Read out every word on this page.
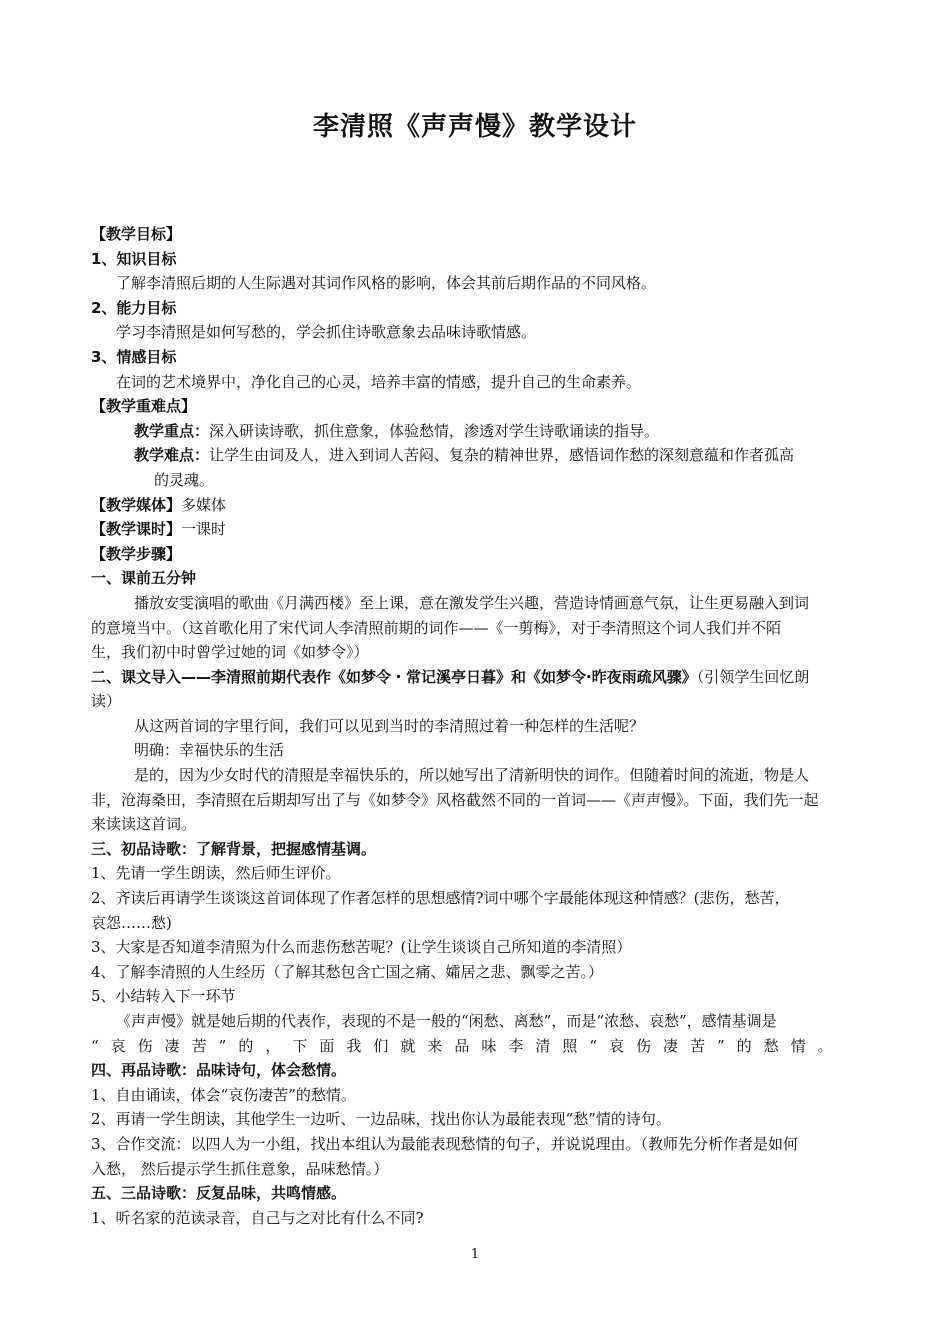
李清照《声声慢》教学设计
【教学目标】
1、知识目标
了解李清照后期的人生际遇对其词作风格的影响，体会其前后期作品的不同风格。
2、能力目标
学习李清照是如何写愁的，学会抓住诗歌意象去品味诗歌情感。
3、情感目标
在词的艺术境界中，净化自己的心灵，培养丰富的情感，提升自己的生命素养。
【教学重难点】
教学重点：深入研读诗歌，抓住意象，体验愁情，渗透对学生诗歌诵读的指导。
教学难点：让学生由词及人，进入到词人苦闷、复杂的精神世界，感悟词作愁的深刻意蕴和作者孤高
的灵魂。
【教学媒体】多媒体
【教学课时】一课时
【教学步骤】
一、课前五分钟
播放安雯演唱的歌曲《月满西楼》至上课，意在激发学生兴趣，营造诗情画意气氛，让生更易融入到词
的意境当中。（这首歌化用了宋代词人李清照前期的词作——《一剪梅》，对于李清照这个词人我们并不陌
生，我们初中时曾学过她的词《如梦令》）
二、课文导入——李清照前期代表作《如梦令・常记溪亭日暮》和《如梦令·昨夜雨疏风骤》（引领学生回忆朗
读）
从这两首词的字里行间，我们可以见到当时的李清照过着一种怎样的生活呢？
明确：幸福快乐的生活
是的，因为少女时代的清照是幸福快乐的，所以她写出了清新明快的词作。但随着时间的流逝，物是人
非，沧海桑田，李清照在后期却写出了与《如梦令》风格截然不同的一首词——《声声慢》。下面，我们先一起
来读读这首词。
三、初品诗歌：了解背景，把握感情基调。
1、先请一学生朗读，然后师生评价。
2、齐读后再请学生谈谈这首词体现了作者怎样的思想感情?词中哪个字最能体现这种情感？(悲伤，愁苦，
哀怨……愁)
3、大家是否知道李清照为什么而悲伤愁苦呢？(让学生谈谈自己所知道的李清照）
4、了解李清照的人生经历（了解其愁包含亡国之痛、孀居之悲、飘零之苦。）
5、小结转入下一环节
《声声慢》就是她后期的代表作，表现的不是一般的“闲愁、离愁”，而是“浓愁、哀愁”，感情基调是
“哀伤凄苦”的，下面我们就来品味李清照“哀伤凄苦”的愁情。
四、再品诗歌：品味诗句，体会愁情。
1、自由诵读，体会“哀伤凄苦”的愁情。
2、再请一学生朗读，其他学生一边听、一边品味，找出你认为最能表现“愁”情的诗句。
3、合作交流：以四人为一小组，找出本组认为最能表现愁情的句子，并说说理由。（教师先分析作者是如何
入愁， 然后提示学生抓住意象，品味愁情。）
五、三品诗歌：反复品味，共鸣情感。
1、听名家的范读录音，自己与之对比有什么不同?
1
